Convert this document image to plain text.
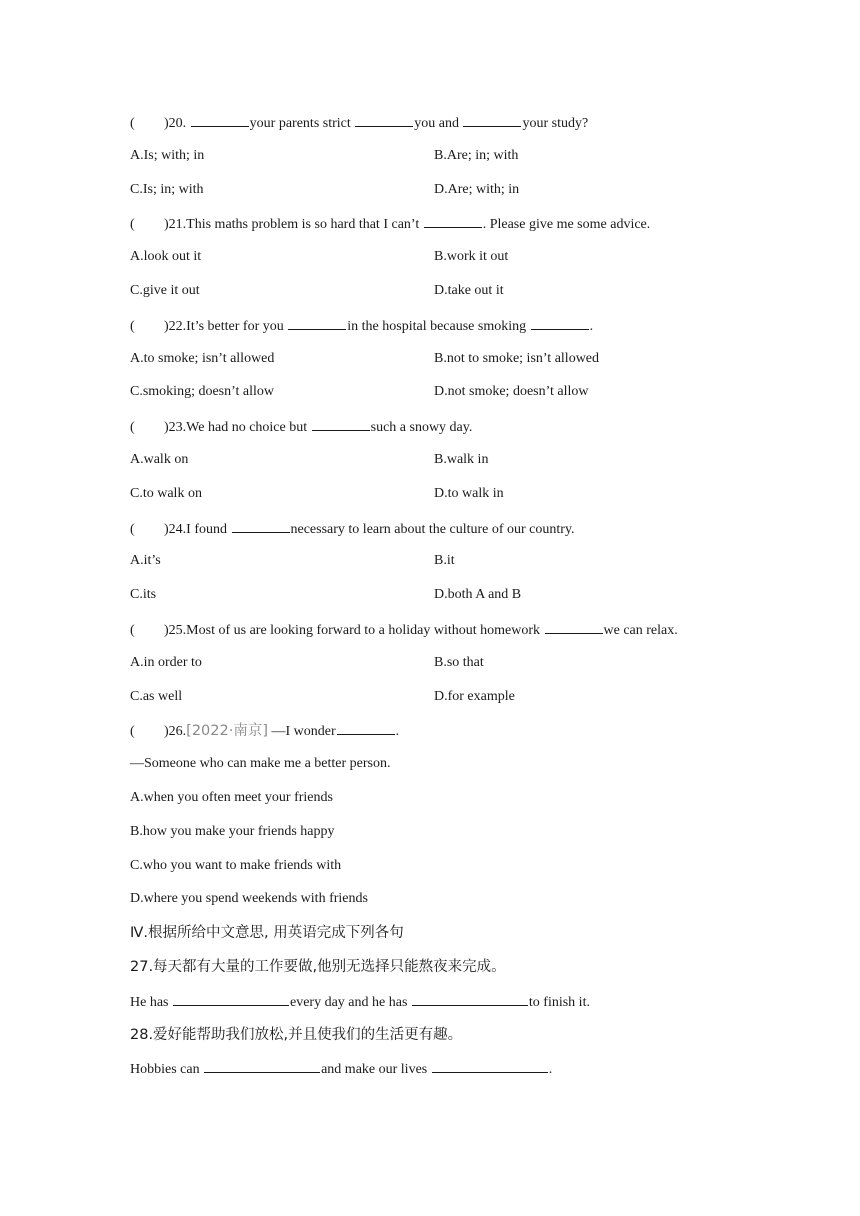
( )20.	your parents strict	you and	your study?
A.Is; with; in	B.Are; in; with
C.Is; in; with	D.Are; with; in
( )21.This maths problem is so hard that I can’t	. Please give me some advice.
A.look out it	B.work it out
C.give it out	D.take out it
( )22.It’s better for you	in the hospital because smoking	.
A.to smoke; isn’t allowed	B.not to smoke; isn’t allowed
C.smoking; doesn’t allow	D.not smoke; doesn’t allow
( )23.We had no choice but	such a snowy day.
A.walk on	B.walk in
C.to walk on	D.to walk in
( )24.I found	necessary to learn about the culture of our country.
A.it’s	B.it
C.its	D.both A and B
( )25.Most of us are looking forward to a holiday without homework	we can relax.
A.in order to	B.so that
C.as well	D.for example
( )26.[2022·南京] —I wonder	.
—Someone who can make me a better person.
A.when you often meet your friends
B.how you make your friends happy
C.who you want to make friends with
D.where you spend weekends with friends
Ⅳ.根据所给中文意思, 用英语完成下列各句
27.每天都有大量的工作要做,他别无选择只能熬夜来完成。
He has	every day and he has	to finish it.
28.爱好能帮助我们放松,并且使我们的生活更有趣。
Hobbies can	and make our lives	.
